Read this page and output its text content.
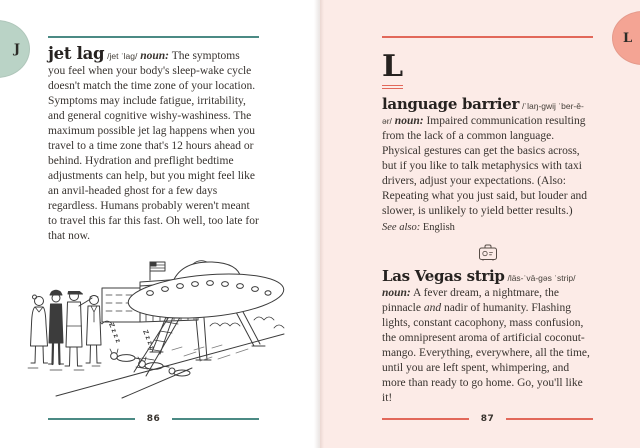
J jet lag /jet ˈlag/ noun: The symptoms you feel when your body's sleep-wake cycle doesn't match the time zone of your location. Symptoms may include fatigue, irritability, and general cognitive wishy-washiness. The maximum possible jet lag happens when you travel to a time zone that's 12 hours ahead or behind. Hydration and preflight bedtime adjustments can help, but you might feel like an anvil-headed ghost for a few days regardless. Humans probably weren't meant to travel this far this fast. Oh well, too late for that now.

Z z z z	Z z z z
86
L
L

language barrier /ˈlaŋ-gwij ˈber-ē-ər/ noun: Impaired communication resulting from the lack of a common language. Physical gestures can get the basics across, but if you like to talk metaphysics with taxi drivers, adjust your expectations. (Also: Repeating what you just said, but louder and slower, is unlikely to yield better results.)

See also: English

Las Vegas strip /läs-ˈvā-gəs ˈstrip/ noun: A fever dream, a nightmare, the pinnacle and nadir of humanity. Flashing lights, constant cacophony, mass confusion, the omnipresent aroma of artificial coconut-mango. Everything, everywhere, all the time, until you are left spent, whimpering, and more than ready to go home. Go, you'll like it!

87
